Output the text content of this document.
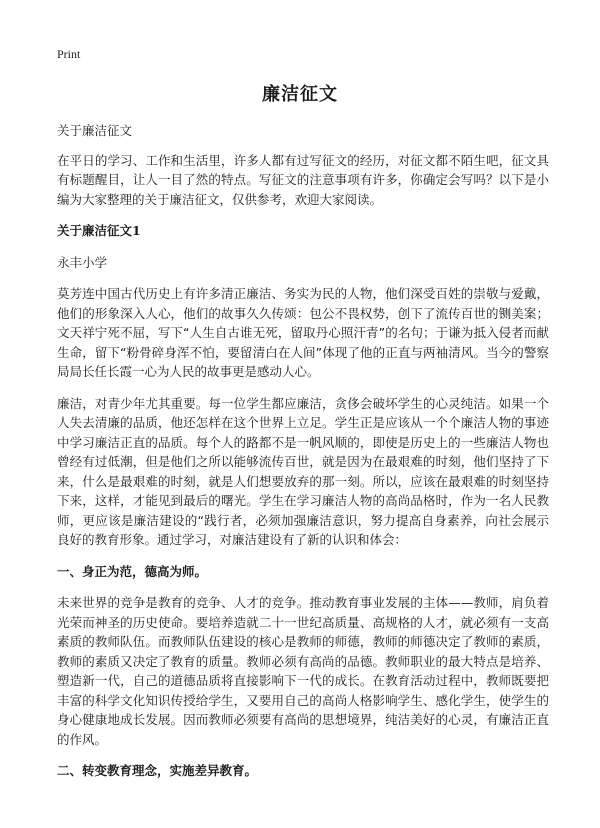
Print
廉洁征文

关于廉洁征文

在平日的学习、工作和生活里，许多人都有过写征文的经历，对征文都不陌生吧，征文具有标题醒目，让人一目了然的特点。写征文的注意事项有许多，你确定会写吗？以下是小编为大家整理的关于廉洁征文，仅供参考，欢迎大家阅读。

关于廉洁征文1

永丰小学

莫芳连中国古代历史上有许多清正廉洁、务实为民的人物，他们深受百姓的崇敬与爱戴，他们的形象深入人心，他们的故事久久传颂：包公不畏权势，创下了流传百世的铡美案；文天祥宁死不屈，写下“人生自古谁无死，留取丹心照汗青”的名句；于谦为抵入侵者而献生命，留下“粉骨碎身浑不怕，要留清白在人间”体现了他的正直与两袖清风。当今的警察局局长任长霞一心为人民的故事更是感动人心。

廉洁，对青少年尤其重要。每一位学生都应廉洁，贪侈会破坏学生的心灵纯洁。如果一个人失去清廉的品质，他还怎样在这个世界上立足。学生正是应该从一个个廉洁人物的事迹中学习廉洁正直的品质。每个人的路都不是一帆风顺的，即使是历史上的一些廉洁人物也曾经有过低潮，但是他们之所以能够流传百世，就是因为在最艰难的时刻，他们坚持了下来，什么是最艰难的时刻，就是人们想要放弃的那一刻。所以，应该在最艰难的时刻坚持下来，这样，才能见到最后的曙光。学生在学习廉洁人物的高尚品格时，作为一名人民教师，更应该是廉洁建设的“践行者，必须加强廉洁意识，努力提高自身素养，向社会展示良好的教育形象。通过学习，对廉洁建设有了新的认识和体会：

一、身正为范，德高为师。

未来世界的竞争是教育的竞争、人才的竞争。推动教育事业发展的主体——教师，肩负着光荣而神圣的历史使命。要培养造就二十一世纪高质量、高规格的人才，就必须有一支高素质的教师队伍。而教师队伍建设的核心是教师的师德，教师的师德决定了教师的素质，教师的素质又决定了教育的质量。教师必须有高尚的品德。教师职业的最大特点是培养、塑造新一代，自己的道德品质将直接影响下一代的成长。在教育活动过程中，教师既要把丰富的科学文化知识传授给学生，又要用自己的高尚人格影响学生、感化学生，使学生的身心健康地成长发展。因而教师必须要有高尚的思想境界，纯洁美好的心灵，有廉洁正直的作风。

二、转变教育理念，实施差异教育。
